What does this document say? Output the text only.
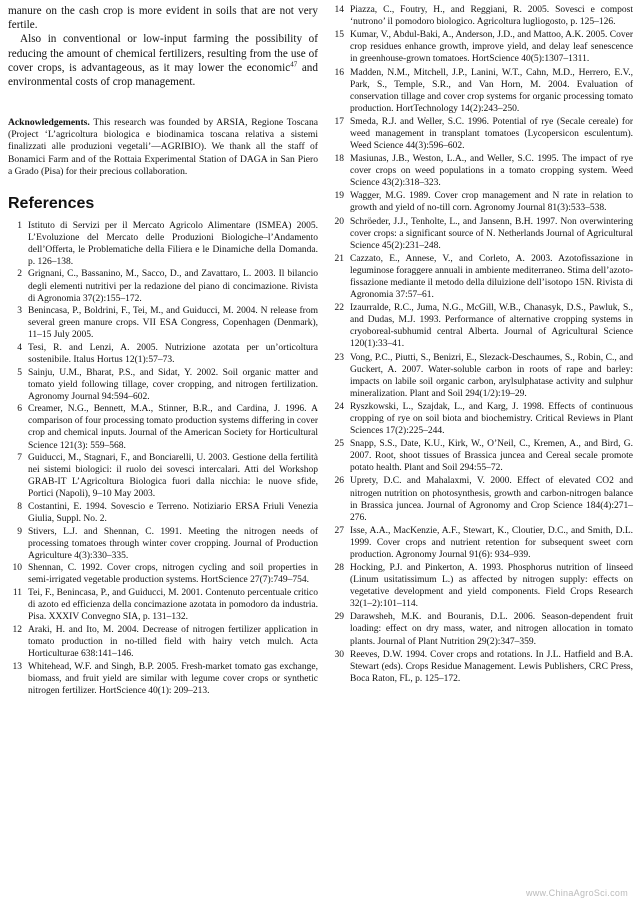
manure on the cash crop is more evident in soils that are not very fertile.

Also in conventional or low-input farming the possibility of reducing the amount of chemical fertilizers, resulting from the use of cover crops, is advantageous, as it may lower the economic$^{47}$ and environmental costs of crop management.

Acknowledgements. This research was founded by ARSIA, Regione Toscana (Project ‘L’agricoltura biologica e biodinamica toscana relativa a sistemi finalizzati alle produzioni vegetali’—AGRIBIO). We thank all the staff of Bonamici Farm and of the Rottaia Experimental Station of DAGA in San Piero a Grado (Pisa) for their precious collaboration.
References
1 Istituto di Servizi per il Mercato Agricolo Alimentare (ISMEA) 2005. L’Evoluzione del Mercato delle Produzioni Biologiche–l’Andamento dell’Offerta, le Problematiche della Filiera e le Dinamiche della Domanda. p. 126–138.
2 Grignani, C., Bassanino, M., Sacco, D., and Zavattaro, L. 2003. Il bilancio degli elementi nutritivi per la redazione del piano di concimazione. Rivista di Agronomia 37(2):155–172.
3 Benincasa, P., Boldrini, F., Tei, M., and Guiducci, M. 2004. N release from several green manure crops. VII ESA Congress, Copenhagen (Denmark), 11–15 July 2005.
4 Tesi, R. and Lenzi, A. 2005. Nutrizione azotata per un’orticoltura sostenibile. Italus Hortus 12(1):57–73.
5 Sainju, U.M., Bharat, P.S., and Sidat, Y. 2002. Soil organic matter and tomato yield following tillage, cover cropping, and nitrogen fertilization. Agronomy Journal 94:594–602.
6 Creamer, N.G., Bennett, M.A., Stinner, B.R., and Cardina, J. 1996. A comparison of four processing tomato production systems differing in cover crop and chemical inputs. Journal of the American Society for Horticultural Science 121(3): 559–568.
7 Guiducci, M., Stagnari, F., and Bonciarelli, U. 2003. Gestione della fertilità nei sistemi biologici: il ruolo dei sovesci intercalari. Atti del Workshop GRAB-IT L’Agricoltura Biologica fuori dalla nicchia: le nuove sfide, Portici (Napoli), 9–10 May 2003.
8 Costantini, E. 1994. Sovescio e Terreno. Notiziario ERSA Friuli Venezia Giulia, Suppl. No. 2.
9 Stivers, L.J. and Shennan, C. 1991. Meeting the nitrogen needs of processing tomatoes through winter cover cropping. Journal of Production Agriculture 4(3):330–335.
10 Shennan, C. 1992. Cover crops, nitrogen cycling and soil properties in semi-irrigated vegetable production systems. HortScience 27(7):749–754.
11 Tei, F., Benincasa, P., and Guiducci, M. 2001. Contenuto percentuale critico di azoto ed efficienza della concimazione azotata in pomodoro da industria. Pisa. XXXIV Convegno SIA, p. 131–132.
12 Araki, H. and Ito, M. 2004. Decrease of nitrogen fertilizer application in tomato production in no-tilled field with hairy vetch mulch. Acta Horticulturae 638:141–146.
13 Whitehead, W.F. and Singh, B.P. 2005. Fresh-market tomato gas exchange, biomass, and fruit yield are similar with legume cover crops or synthetic nitrogen fertilizer. HortScience 40(1): 209–213.
14 Piazza, C., Foutry, H., and Reggiani, R. 2005. Sovesci e compost ‘nutrono’ il pomodoro biologico. Agricoltura lugliogosto, p. 125–126.
15 Kumar, V., Abdul-Baki, A., Anderson, J.D., and Mattoo, A.K. 2005. Cover crop residues enhance growth, improve yield, and delay leaf senescence in greenhouse-grown tomatoes. HortScience 40(5):1307–1311.
16 Madden, N.M., Mitchell, J.P., Lanini, W.T., Cahn, M.D., Herrero, E.V., Park, S., Temple, S.R., and Van Horn, M. 2004. Evaluation of conservation tillage and cover crop systems for organic processing tomato production. HortTechnology 14(2):243–250.
17 Smeda, R.J. and Weller, S.C. 1996. Potential of rye (Secale cereale) for weed management in transplant tomatoes (Lycopersicon esculentum). Weed Science 44(3):596–602.
18 Masiunas, J.B., Weston, L.A., and Weller, S.C. 1995. The impact of rye cover crops on weed populations in a tomato cropping system. Weed Science 43(2):318–323.
19 Wagger, M.G. 1989. Cover crop management and N rate in relation to growth and yield of no-till corn. Agronomy Journal 81(3):533–538.
20 Schröeder, J.J., Tenholte, L., and Jansenn, B.H. 1997. Non overwintering cover crops: a significant source of N. Netherlands Journal of Agricultural Science 45(2):231–248.
21 Cazzato, E., Annese, V., and Corleto, A. 2003. Azotofissazione in leguminose foraggere annuali in ambiente mediterraneo. Stima dell’azoto-fissazione mediante il metodo della diluizione dell’isotopo 15N. Rivista di Agronomia 37:57–61.
22 Izaurralde, R.C., Juma, N.G., McGill, W.B., Chanasyk, D.S., Pawluk, S., and Dudas, M.J. 1993. Performance of alternative cropping systems in cryoboreal-subhumid central Alberta. Journal of Agricultural Science 120(1):33–41.
23 Vong, P.C., Piutti, S., Benizri, E., Slezack-Deschaumes, S., Robin, C., and Guckert, A. 2007. Water-soluble carbon in roots of rape and barley: impacts on labile soil organic carbon, arylsulphatase activity and sulphur mineralization. Plant and Soil 294(1/2):19–29.
24 Ryszkowski, L., Szajdak, L., and Karg, J. 1998. Effects of continuous cropping of rye on soil biota and biochemistry. Critical Reviews in Plant Sciences 17(2):225–244.
25 Snapp, S.S., Date, K.U., Kirk, W., O’Neil, C., Kremen, A., and Bird, G. 2007. Root, shoot tissues of Brassica juncea and Cereal secale promote potato health. Plant and Soil 294:55–72.
26 Uprety, D.C. and Mahalaxmi, V. 2000. Effect of elevated CO2 and nitrogen nutrition on photosynthesis, growth and carbon-nitrogen balance in Brassica juncea. Journal of Agronomy and Crop Science 184(4):271–276.
27 Isse, A.A., MacKenzie, A.F., Stewart, K., Cloutier, D.C., and Smith, D.L. 1999. Cover crops and nutrient retention for subsequent sweet corn production. Agronomy Journal 91(6): 934–939.
28 Hocking, P.J. and Pinkerton, A. 1993. Phosphorus nutrition of linseed (Linum usitatissimum L.) as affected by nitrogen supply: effects on vegetative development and yield components. Field Crops Research 32(1–2):101–114.
29 Darawsheh, M.K. and Bouranis, D.L. 2006. Season-dependent fruit loading: effect on dry mass, water, and nitrogen allocation in tomato plants. Journal of Plant Nutrition 29(2):347–359.
30 Reeves, D.W. 1994. Cover crops and rotations. In J.L. Hatfield and B.A. Stewart (eds). Crops Residue Management. Lewis Publishers, CRC Press, Boca Raton, FL, p. 125–172.
www.ChinaAgroSci.com
